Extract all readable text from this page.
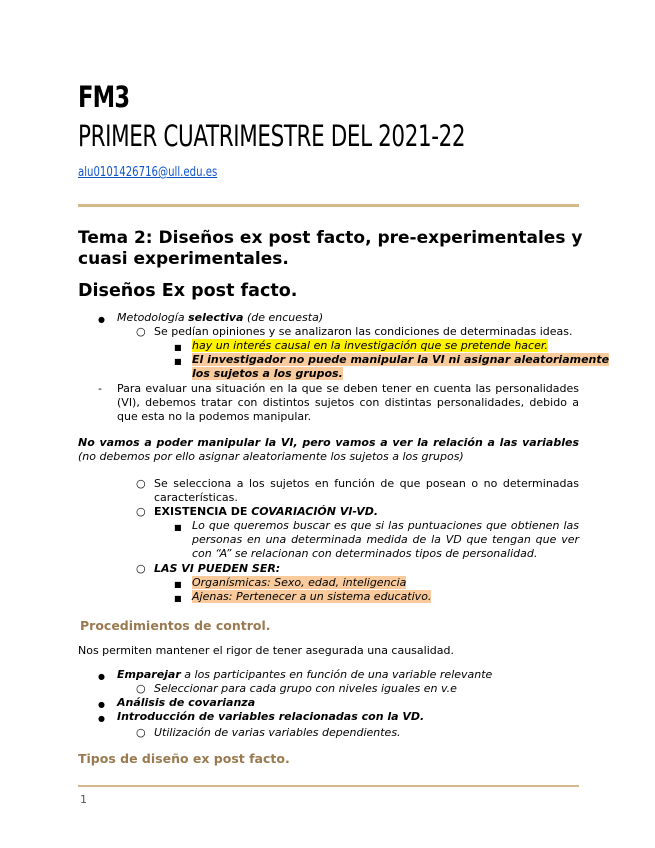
FM3
PRIMER CUATRIMESTRE DEL 2021-22
alu0101426716@ull.edu.es
Tema 2: Diseños ex post facto, pre-experimentales y cuasi experimentales.
Diseños Ex post facto.
● Metodología selectiva (de encuesta)
○ Se pedían opiniones y se analizaron las condiciones de determinadas ideas.
■ hay un interés causal en la investigación que se pretende hacer.
■ El investigador no puede manipular la VI ni asignar aleatoriamente
los sujetos a los grupos.
- Para evaluar una situación en la que se deben tener en cuenta las personalidades (VI), debemos tratar con distintos sujetos con distintas personalidades, debido a que esta no la podemos manipular.
No vamos a poder manipular la VI, pero vamos a ver la relación a las variables (no debemos por ello asignar aleatoriamente los sujetos a los grupos)
○ Se selecciona a los sujetos en función de que posean o no determinadas características.
○ EXISTENCIA DE COVARIACIÓN VI-VD.
■ Lo que queremos buscar es que si las puntuaciones que obtienen las personas en una determinada medida de la VD que tengan que ver con “A” se relacionan con determinados tipos de personalidad.
○ LAS VI PUEDEN SER:
■ Organísmicas: Sexo, edad, inteligencia
■ Ajenas: Pertenecer a un sistema educativo.
Procedimientos de control.
Nos permiten mantener el rigor de tener asegurada una causalidad.
● Emparejar a los participantes en función de una variable relevante
○ Seleccionar para cada grupo con niveles iguales en v.e
● Análisis de covarianza
● Introducción de variables relacionadas con la VD.
○ Utilización de varias variables dependientes.
Tipos de diseño ex post facto.
1
